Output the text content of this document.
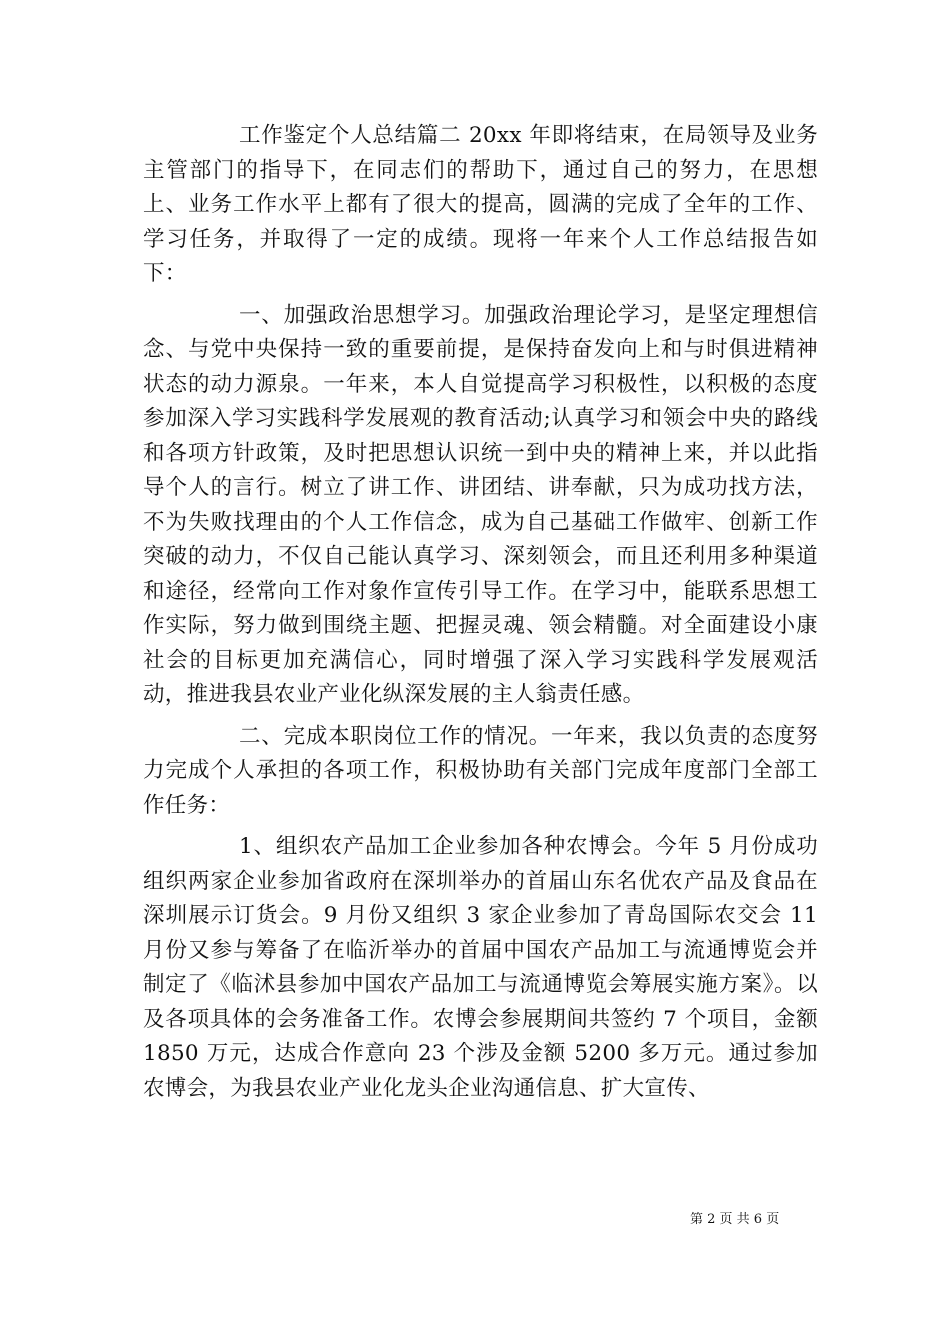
工作鉴定个人总结篇二 20xx 年即将结束，在局领导及业务主管部门的指导下，在同志们的帮助下，通过自己的努力，在思想上、业务工作水平上都有了很大的提高，圆满的完成了全年的工作、学习任务，并取得了一定的成绩。现将一年来个人工作总结报告如下：

一、加强政治思想学习。加强政治理论学习，是坚定理想信念、与党中央保持一致的重要前提，是保持奋发向上和与时俱进精神状态的动力源泉。一年来，本人自觉提高学习积极性，以积极的态度参加深入学习实践科学发展观的教育活动;认真学习和领会中央的路线和各项方针政策，及时把思想认识统一到中央的精神上来，并以此指导个人的言行。树立了讲工作、讲团结、讲奉献，只为成功找方法，不为失败找理由的个人工作信念，成为自己基础工作做牢、创新工作突破的动力，不仅自己能认真学习、深刻领会，而且还利用多种渠道和途径，经常向工作对象作宣传引导工作。在学习中，能联系思想工作实际，努力做到围绕主题、把握灵魂、领会精髓。对全面建设小康社会的目标更加充满信心，同时增强了深入学习实践科学发展观活动，推进我县农业产业化纵深发展的主人翁责任感。

二、完成本职岗位工作的情况。一年来，我以负责的态度努力完成个人承担的各项工作，积极协助有关部门完成年度部门全部工作任务：

1、组织农产品加工企业参加各种农博会。今年 5 月份成功组织两家企业参加省政府在深圳举办的首届山东名优农产品及食品在深圳展示订货会。9 月份又组织 3 家企业参加了青岛国际农交会 11 月份又参与筹备了在临沂举办的首届中国农产品加工与流通博览会并制定了《临沭县参加中国农产品加工与流通博览会筹展实施方案》。以及各项具体的会务准备工作。农博会参展期间共签约 7 个项目，金额 1850 万元，达成合作意向 23 个涉及金额 5200 多万元。通过参加农博会，为我县农业产业化龙头企业沟通信息、扩大宣传、

第 2 页 共 6 页
